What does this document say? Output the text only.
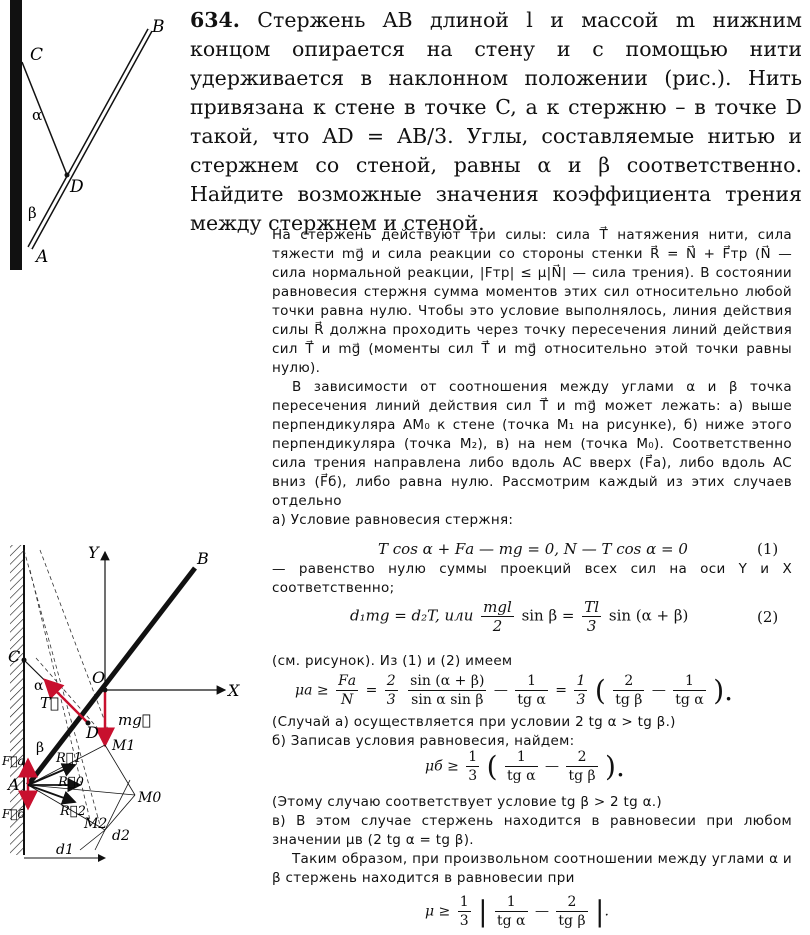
B
C
α
D
β
A
634. Стержень AB длиной l и массой m нижним концом опирается на стену и с помощью нити удерживается в наклонном положении (рис.). Нить привязана к стене в точке C, а к стержню – в точке D такой, что AD = AB/3. Углы, составляемые нитью и стержнем со стеной, равны α и β соответственно. Найдите возможные значения коэффициента трения между стержнем и стеной.

На стержень действуют три силы: сила T⃗ натяжения нити, сила тяжести mg⃗ и сила реакции со стороны стенки R⃗ = N⃗ + F⃗тр (N⃗ — сила нормальной реакции, |Fтр| ≤ μ|N⃗| — сила трения). В состоянии равновесия стержня сумма моментов этих сил относительно любой точки равна нулю. Чтобы это условие выполнялось, линия действия силы R⃗ должна проходить через точку пересечения линий действия сил T⃗ и mg⃗ (моменты сил T⃗ и mg⃗ относительно этой точки равны нулю).

В зависимости от соотношения между углами α и β точка пересечения линий действия сил T⃗ и mg⃗ может лежать: а) выше перпендикуляра AM₀ к стене (точка M₁ на рисунке), б) ниже этого перпендикуляра (точка M₂), в) на нем (точка M₀). Соответственно сила трения направлена либо вдоль AC вверх (F⃗а), либо вдоль AC вниз (F⃗б), либо равна нулю. Рассмотрим каждый из этих случаев отдельно

а) Условие равновесия стержня:

T cos α + Fа — mg = 0, N — T cos α = 0	(1)

— равенство нулю суммы проекций всех сил на оси Y и X соответственно;

d₁mg = d₂T, или $\frac{\text{mgl}}{2}$ $\sin \beta = \frac{Tl}{3}$ sin (α + β)	(2)

(см. рисунок). Из (1) и (2) имеем

$\mu а \ge \frac{Fа}{N} = \frac{2}{3}$
$\frac{\sin (\alpha + \beta)}{\text{sin α sin β}}$ — $\frac{1}{\text{tg α}} = \frac{1}{3}$ ( $\frac{2}{\text{tg β}}$ — $\frac{1}{\text{tg α}}$ ).

(Случай а) осуществляется при условии 2 tg α > tg β.)

б) Записав условия равновесия, найдем:

$\mu б \ge \frac{1}{3}$ ( $\frac{1}{\text{tg α}}$ — $\frac{2}{\text{tg β}}$ ).

(Этому случаю соответствует условие tg β > 2 tg α.)

в) В этом случае стержень находится в равновесии при любом значении μв (2 tg α = tg β).

Таким образом, при произвольном соотношении между углами α и β стержень находится в равновесии при

$\mu \ge \frac{1}{3}$ | $\frac{1}{\text{tg α}}$ — $\frac{2}{\text{tg β}}$ |.
Y	B
C
O
X
α
T⃗
D
mg⃗
β
F⃗a R⃗1
M1
A	R⃗0
M0
R⃗2
F⃗б
M2
d2
d1
